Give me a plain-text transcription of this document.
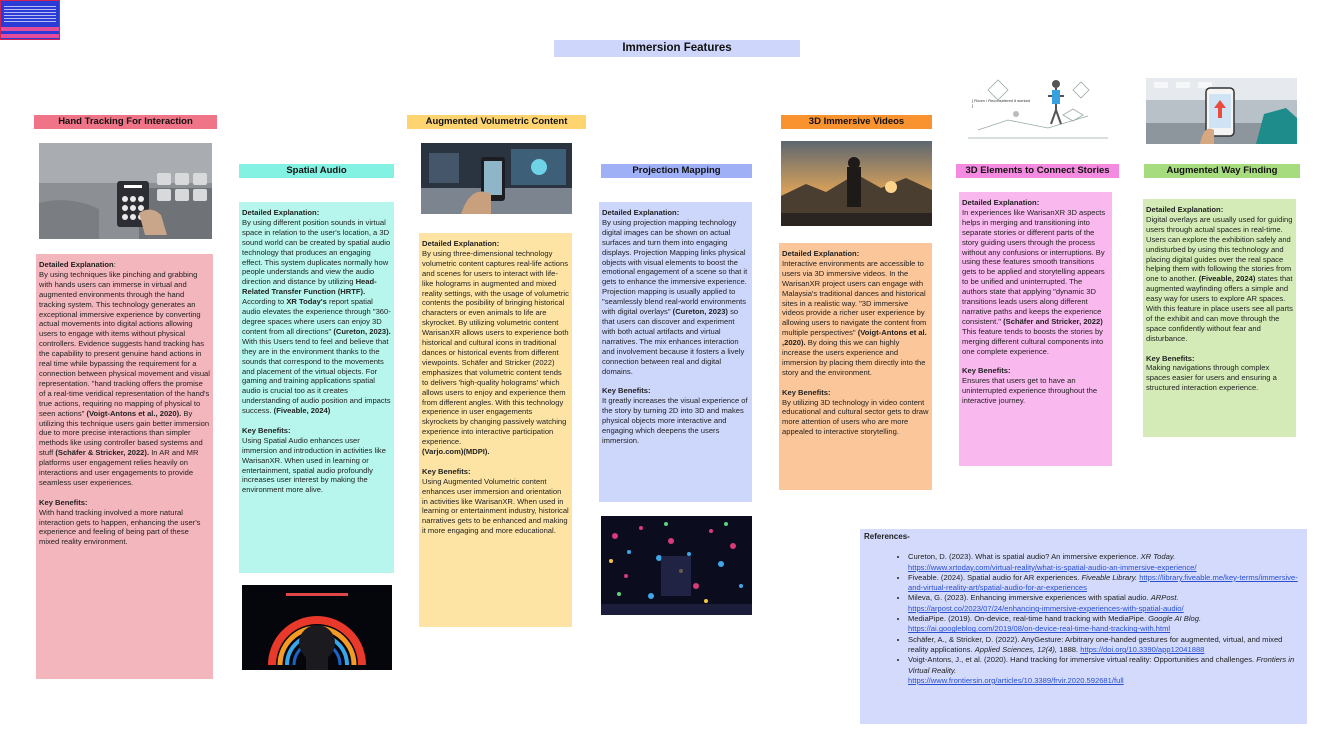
Immersion Features
Hand Tracking For Interaction

Detailed Explanation:
By using techniques like pinching and grabbing with hands users can immerse in virtual and augmented environments through the hand tracking system. This technology generates an exceptional immersive experience by converting actual movements into digital actions allowing users to engage with items without physical controllers. Evidence suggests hand tracking has the capability to present genuine hand actions in real time while bypassing the requirement for a connection between physical movement and visual representation. "hand tracking offers the promise of a real-time veridical representation of the hand's true actions, requiring no mapping of physical to seen actions" (Voigt-Antons et al., 2020). By utilizing this technique users gain better immersion due to more precise interactions than simpler methods like using controller based systems and stuff (Schäfer & Stricker, 2022). In AR and MR platforms user engagement relies heavily on interactions and user engagements to provide seamless user experiences.

Key Benefits:
With hand tracking involved a more natural interaction gets to happen, enhancing the user's experience and feeling of being part of these mixed reality environment.

Spatial Audio

Detailed Explanation:
By using different position sounds in virtual space in relation to the user's location, a 3D sound world can be created by spatial audio technology that produces an engaging effect. This system duplicates normally how people understands and view the audio direction and distance by utilizing Head-Related Transfer Function (HRTF). According to XR Today's report spatial audio elevates the experience through "360-degree spaces where users can enjoy 3D content from all directions" (Cureton, 2023). With this Users tend to feel and believe that they are in the environment thanks to the sounds that correspond to the movements and placement of the virtual objects. For gaming and training applications spatial audio is crucial too as it creates understanding of audio position and impacts success. (Fiveable, 2024)

Key Benefits:
Using Spatial Audio enhances user immersion and introduction in activities like WarisanXR. When used in learning or entertainment, spatial audio profoundly increases user interest by making the environment more alive.

Augmented Volumetric Content

Detailed Explanation:
By using three-dimensional technology volumetric content captures real-life actions and scenes for users to interact with life-like holograms in augmented and mixed reality settings, with the usage of volumetric contents the posibility of bringing historical characters or even animals to life are skyrocket. By utilizing volumetric content WarisanXR allows users to experience both historical and cultural icons in traditional dances or historical events from different viewpoints. Schäfer and Stricker (2022) emphasizes that volumetric content tends to delivers 'high-quality holograms' which allows users to enjoy and experience them from different angles. With this technology experience in user engagements skyrockets by changing passively watching experience into interactive participation experience.
(Varjo.com)(MDPI).

Key Benefits:
Using Augmented Volumetric content enhances user immersion and orientation in activities like WarisanXR. When used in learning or entertainment industry, historical narratives gets to be enhanced and making it more engaging and more educational.

Projection Mapping

Detailed Explanation:
By using projection mapping technology digital images can be shown on actual surfaces and turn them into engaging displays. Projection Mapping links physical objects with visual elements to boost the emotional engagement of a scene so that it gets to enhance the immersive experience. Projection mapping is usually applied to "seamlessly blend real-world environments with digital overlays" (Cureton, 2023) so that users can discover and experiment with both actual artifacts and virtual narratives. The mix enhances interaction and involvement because it fosters a lively connection between real and digital domains.

Key Benefits:
It greatly increases the visual experience of the story by turning 2D into 3D and makes physical objects more interactive and engaging which deepens the users immersion.

3D Immersive Videos

Detailed Explanation:
Interactive environments are accessible to users via 3D immersive videos. In the WarisanXR project users can engage with Malaysia's traditional dances and historical sites in a realistic way. "3D immersive videos provide a richer user experience by allowing users to navigate the content from multiple perspectives" (Voigt-Antons et al. ,2020). By doing this we can highly increase the users experience and immersion by placing them directly into the story and the environment.

Key Benefits:
By utilizing 3D technology in video content educational and cultural sector gets to draw more attention of users who are more appealed to interactive storytelling.

[ Room / Reconsidered it worked ]
3D Elements to Connect Stories

Detailed Explanation:
In experiences like WarisanXR 3D aspects helps in merging and transitioning into separate stories or different parts of the story guiding users through the process without any confusions or interruptions. By using these features smooth transitions gets to be applied and storytelling appears to be unified and uninterrupted. The authors state that applying "dynamic 3D transitions leads users along different narrative paths and keeps the experience consistent." (Schäfer and Stricker, 2022) This feature tends to boosts the stories by merging different cultural components into one complete experience.

Key Benefits:
Ensures that users get to have an uninterrupted experience throughout the interactive journey.

Augmented Way Finding

Detailed Explanation:
Digital overlays are usually used for guiding users through actual spaces in real-time. Users can explore the exhibition safely and undisturbed by using this technology and placing digital guides over the real space helping them with following the stories from one to another. (Fiveable, 2024) states that augmented wayfinding offers a simple and easy way for users to explore AR spaces. With this feature in place users see all parts of the exhibit and can move through the space confidently without fear and disturbance.

Key Benefits:
Making navigations through complex spaces easier for users and ensuring a structured interaction experience.

References-
• Cureton, D. (2023). What is spatial audio? An immersive experience. XR Today.
https://www.xrtoday.com/virtual-reality/what-is-spatial-audio-an-immersive-experience/
• Fiveable. (2024). Spatial audio for AR experiences. Fiveable Library. https://library.fiveable.me/key-terms/immersive-and-virtual-reality-art/spatial-audio-for-ar-experiences
• Mileva, G. (2023). Enhancing immersive experiences with spatial audio. ARPost.
https://arpost.co/2023/07/24/enhancing-immersive-experiences-with-spatial-audio/
• MediaPipe. (2019). On-device, real-time hand tracking with MediaPipe. Google AI Blog.
https://ai.googleblog.com/2019/08/on-device-real-time-hand-tracking-with.html
• Schäfer, A., & Stricker, D. (2022). AnyGesture: Arbitrary one-handed gestures for augmented, virtual, and mixed reality applications. Applied Sciences, 12(4), 1888. https://doi.org/10.3390/app12041888
• Voigt-Antons, J., et al. (2020). Hand tracking for immersive virtual reality: Opportunities and challenges. Frontiers in Virtual Reality.
https://www.frontiersin.org/articles/10.3389/frvir.2020.592681/full
